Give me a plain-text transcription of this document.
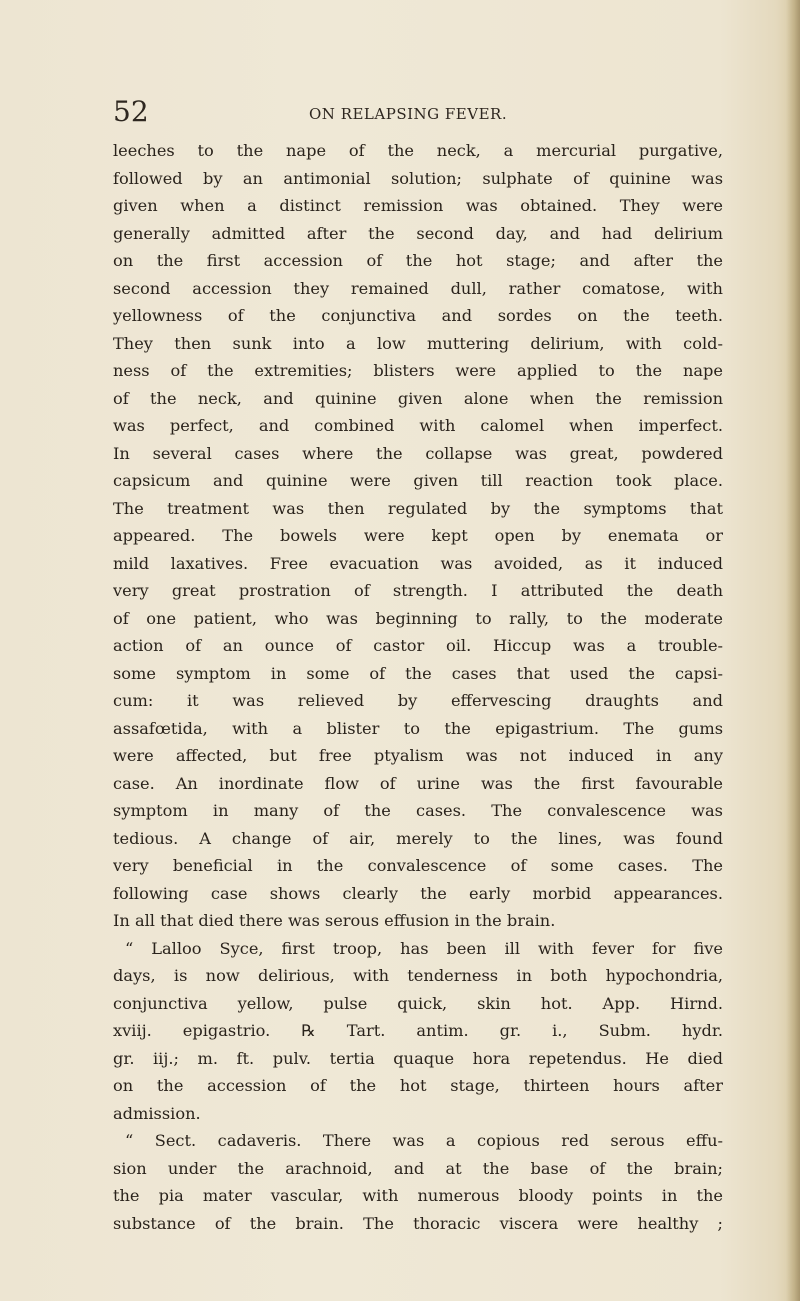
52	ON RELAPSING FEVER.
leeches to the nape of the neck, a mercurial purgative,
followed by an antimonial solution; sulphate of quinine was
given when a distinct remission was obtained. They were
generally admitted after the second day, and had delirium
on the first accession of the hot stage; and after the
second accession they remained dull, rather comatose, with
yellowness of the conjunctiva and sordes on the teeth.
They then sunk into a low muttering delirium, with cold-
ness of the extremities; blisters were applied to the nape
of the neck, and quinine given alone when the remission
was perfect, and combined with calomel when imperfect.
In several cases where the collapse was great, powdered
capsicum and quinine were given till reaction took place.
The treatment was then regulated by the symptoms that
appeared. The bowels were kept open by enemata or
mild laxatives. Free evacuation was avoided, as it induced
very great prostration of strength. I attributed the death
of one patient, who was beginning to rally, to the moderate
action of an ounce of castor oil. Hiccup was a trouble-
some symptom in some of the cases that used the capsi-
cum: it was relieved by effervescing draughts and
assafœtida, with a blister to the epigastrium. The gums
were affected, but free ptyalism was not induced in any
case. An inordinate flow of urine was the first favourable
symptom in many of the cases. The convalescence was
tedious. A change of air, merely to the lines, was found
very beneficial in the convalescence of some cases. The
following case shows clearly the early morbid appearances.
In all that died there was serous effusion in the brain.
“ Lalloo Syce, first troop, has been ill with fever for five
days, is now delirious, with tenderness in both hypochondria,
conjunctiva yellow, pulse quick, skin hot. App. Hirnd.
xviij. epigastrio. ℞ Tart. antim. gr. i., Subm. hydr.
gr. iij.; m. ft. pulv. tertia quaque hora repetendus. He died
on the accession of the hot stage, thirteen hours after
admission.
“ Sect. cadaveris. There was a copious red serous effu-
sion under the arachnoid, and at the base of the brain;
the pia mater vascular, with numerous bloody points in the
substance of the brain. The thoracic viscera were healthy ;
